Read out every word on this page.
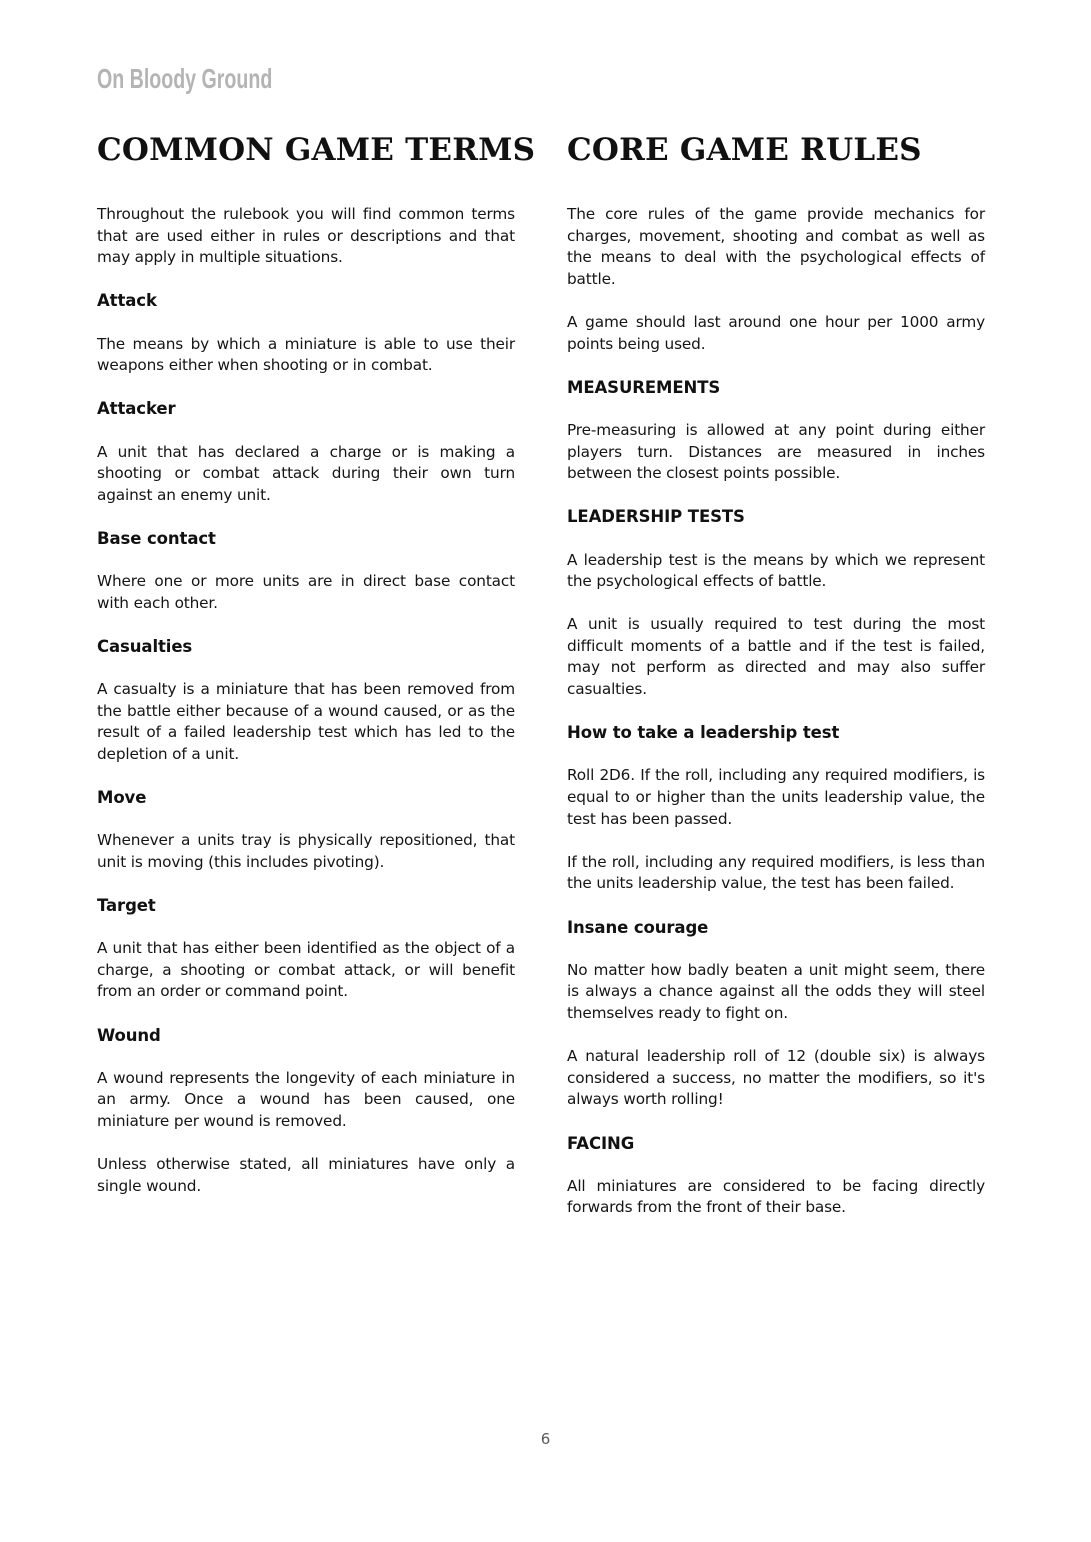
On Bloody Ground
COMMON GAME TERMS

Throughout the rulebook you will find common terms that are used either in rules or descriptions and that may apply in multiple situations.

Attack

The means by which a miniature is able to use their weapons either when shooting or in combat.

Attacker

A unit that has declared a charge or is making a shooting or combat attack during their own turn against an enemy unit.

Base contact

Where one or more units are in direct base contact with each other.

Casualties

A casualty is a miniature that has been removed from the battle either because of a wound caused, or as the result of a failed leadership test which has led to the depletion of a unit.

Move

Whenever a units tray is physically repositioned, that unit is moving (this includes pivoting).

Target

A unit that has either been identified as the object of a charge, a shooting or combat attack, or will benefit from an order or command point.

Wound

A wound represents the longevity of each miniature in an army. Once a wound has been caused, one miniature per wound is removed.

Unless otherwise stated, all miniatures have only a single wound.

CORE GAME RULES

The core rules of the game provide mechanics for charges, movement, shooting and combat as well as the means to deal with the psychological effects of battle.

A game should last around one hour per 1000 army points being used.

MEASUREMENTS

Pre-measuring is allowed at any point during either players turn. Distances are measured in inches between the closest points possible.

LEADERSHIP TESTS

A leadership test is the means by which we represent the psychological effects of battle.

A unit is usually required to test during the most difficult moments of a battle and if the test is failed, may not perform as directed and may also suffer casualties.

How to take a leadership test

Roll 2D6. If the roll, including any required modifiers, is equal to or higher than the units leadership value, the test has been passed.

If the roll, including any required modifiers, is less than the units leadership value, the test has been failed.

Insane courage

No matter how badly beaten a unit might seem, there is always a chance against all the odds they will steel themselves ready to fight on.

A natural leadership roll of 12 (double six) is always considered a success, no matter the modifiers, so it's always worth rolling!

FACING

All miniatures are considered to be facing directly forwards from the front of their base.

6
